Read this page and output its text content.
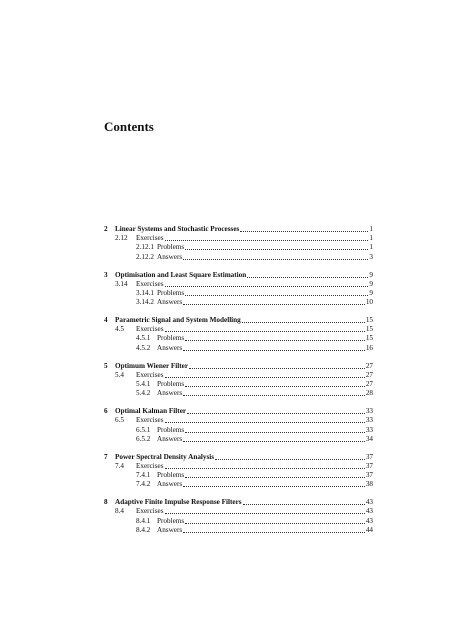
Contents
2	Linear Systems and Stochastic Processes	1
2.12	Exercises	1
2.12.1 Problems	1
2.12.2 Answers	3
3	Optimisation and Least Square Estimation	9
3.14	Exercises	9
3.14.1 Problems	9
3.14.2 Answers	10
4	Parametric Signal and System Modelling	15
4.5	Exercises	15
4.5.1 Problems	15
4.5.2 Answers	16
5	Optimum Wiener Filter	27
5.4	Exercises	27
5.4.1 Problems	27
5.4.2 Answers	28
6	Optimal Kalman Filter	33
6.5	Exercises	33
6.5.1 Problems	33
6.5.2 Answers	34
7	Power Spectral Density Analysis	37
7.4	Exercises	37
7.4.1 Problems	37
7.4.2 Answers	38
8	Adaptive Finite Impulse Response Filters	43
8.4	Exercises	43
8.4.1 Problems	43
8.4.2 Answers	44
